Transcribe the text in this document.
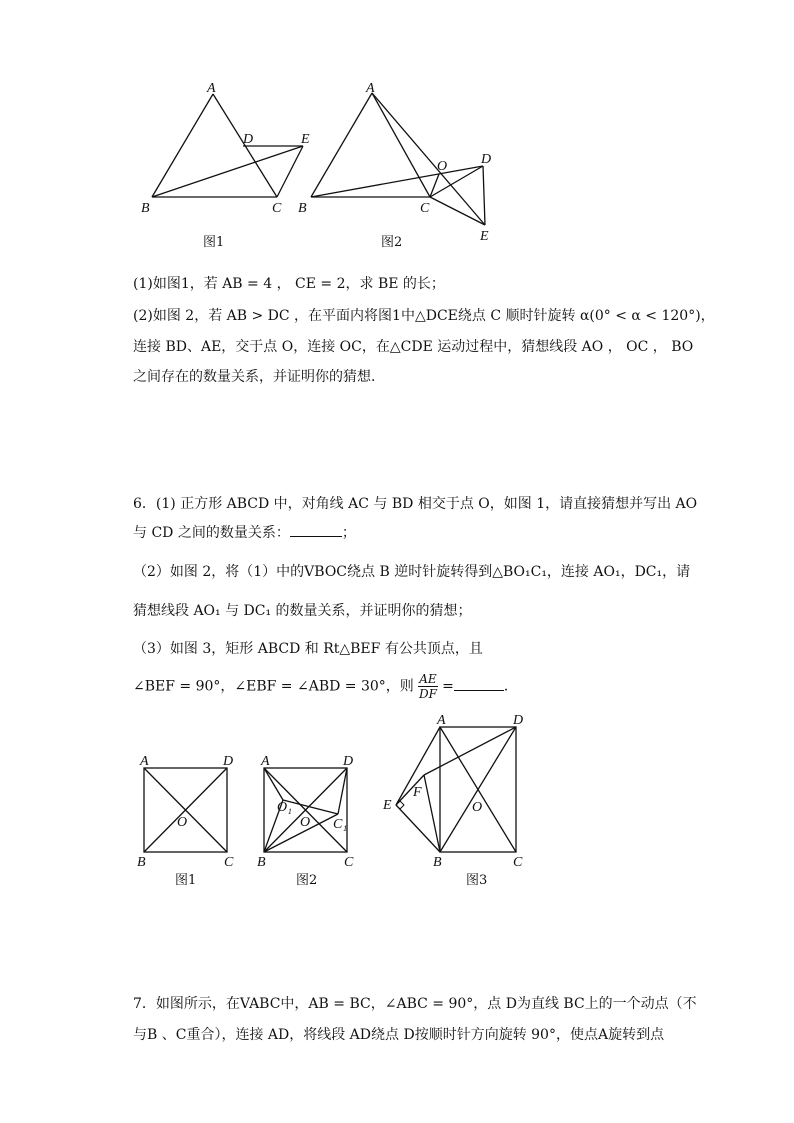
A
B	C
D	E
图1
A
B	C
D
E
O
图2
(1)如图1，若 AB = 4 ， CE = 2，求 BE 的长；
(2)如图 2，若 AB > DC ，在平面内将图1中△DCE绕点 C 顺时针旋转 α(0° < α < 120°)，
连接 BD、AE，交于点 O，连接 OC，在△CDE 运动过程中，猜想线段 AO ， OC ， BO
之间存在的数量关系，并证明你的猜想．
6．(1) 正方形 ABCD 中，对角线 AC 与 BD 相交于点 O，如图 1，请直接猜想并写出 AO
与 CD 之间的数量关系：	；
（2）如图 2，将（1）中的VBOC绕点 B 逆时针旋转得到△BO₁C₁，连接 AO₁，DC₁，请
猜想线段 AO₁ 与 DC₁ 的数量关系，并证明你的猜想；
（3）如图 3，矩形 ABCD 和 Rt△BEF 有公共顶点，且
∠BEF = 90°，∠EBF = ∠ABD = 30°，则 $\frac{AE}{DF}$ =	．
A	D
B	C
O
图1
A	D
B	C
O
O₁
C₁
图2
A	D
B	C
O
E
F
图3
7．如图所示，在VABC中，AB = BC，∠ABC = 90°，点 D为直线 BC上的一个动点（不
与B 、C重合），连接 AD，将线段 AD绕点 D按顺时针方向旋转 90°，使点A旋转到点
